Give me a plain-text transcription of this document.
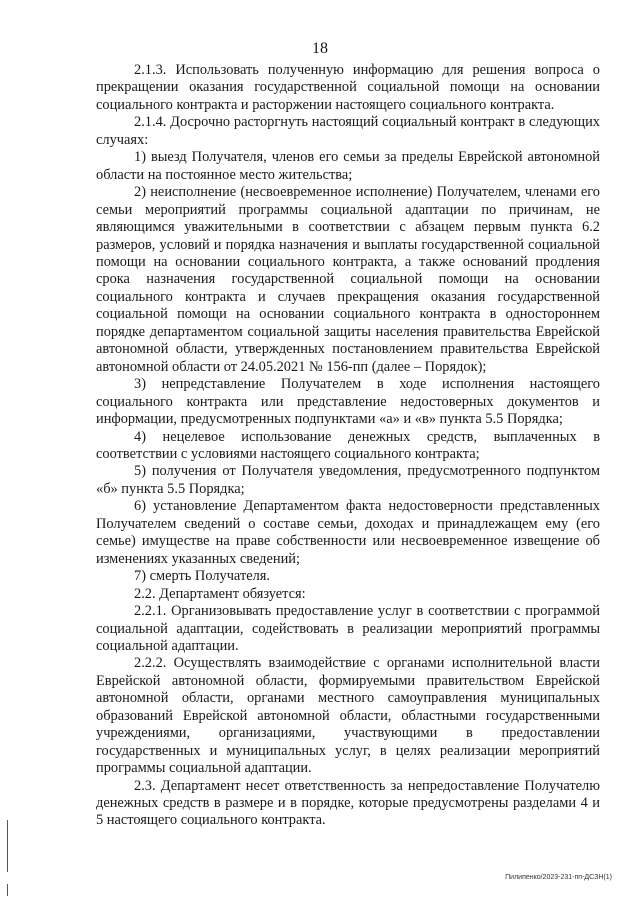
18

2.1.3. Использовать полученную информацию для решения вопроса о прекращении оказания государственной социальной помощи на основании социального контракта и расторжении настоящего социального контракта.

2.1.4. Досрочно расторгнуть настоящий социальный контракт в следующих случаях:

1) выезд Получателя, членов его семьи за пределы Еврейской автономной области на постоянное место жительства;

2) неисполнение (несвоевременное исполнение) Получателем, членами его семьи мероприятий программы социальной адаптации по причинам, не являющимся уважительными в соответствии с абзацем первым пункта 6.2 размеров, условий и порядка назначения и выплаты государственной социальной помощи на основании социального контракта, а также оснований продления срока назначения государственной социальной помощи на основании социального контракта и случаев прекращения оказания государственной социальной помощи на основании социального контракта в одностороннем порядке департаментом социальной защиты населения правительства Еврейской автономной области, утвержденных постановлением правительства Еврейской автономной области от 24.05.2021 № 156-пп (далее – Порядок);

3) непредставление Получателем в ходе исполнения настоящего социального контракта или представление недостоверных документов и информации, предусмотренных подпунктами «а» и «в» пункта 5.5 Порядка;

4) нецелевое использование денежных средств, выплаченных в соответствии с условиями настоящего социального контракта;

5) получения от Получателя уведомления, предусмотренного подпунктом «б» пункта 5.5 Порядка;

6) установление Департаментом факта недостоверности представленных Получателем сведений о составе семьи, доходах и принадлежащем ему (его семье) имуществе на праве собственности или несвоевременное извещение об изменениях указанных сведений;

7) смерть Получателя.

2.2. Департамент обязуется:

2.2.1. Организовывать предоставление услуг в соответствии с программой социальной адаптации, содействовать в реализации мероприятий программы социальной адаптации.

2.2.2. Осуществлять взаимодействие с органами исполнительной власти Еврейской автономной области, формируемыми правительством Еврейской автономной области, органами местного самоуправления муниципальных образований Еврейской автономной области, областными государственными учреждениями, организациями, участвующими в предоставлении государственных и муниципальных услуг, в целях реализации мероприятий программы социальной адаптации.

2.3. Департамент несет ответственность за непредоставление Получателю денежных средств в размере и в порядке, которые предусмотрены разделами 4 и 5 настоящего социального контракта.

Пилипенко/2023-231-пп-ДСЗН(1)
